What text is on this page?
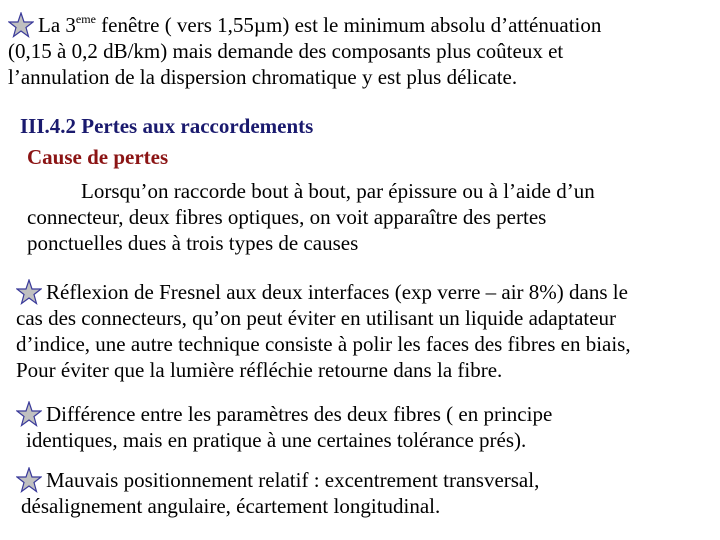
La 3eme fenêtre ( vers 1,55µm) est le minimum absolu d’atténuation
(0,15 à 0,2 dB/km) mais demande des composants plus coûteux et
l’annulation de la dispersion chromatique y est plus délicate.
III.4.2 Pertes aux raccordements
Cause de pertes
Lorsqu’on raccorde bout à bout, par épissure ou à l’aide d’un
connecteur, deux fibres optiques, on voit apparaître des pertes
ponctuelles dues à trois types de causes
Réflexion de Fresnel aux deux interfaces (exp verre – air 8%) dans le
cas des connecteurs, qu’on peut éviter en utilisant un liquide adaptateur
d’indice, une autre technique consiste à polir les faces des fibres en biais,
Pour éviter que la lumière réfléchie retourne dans la fibre.
Différence entre les paramètres des deux fibres ( en principe
identiques, mais en pratique à une certaines tolérance prés).
Mauvais positionnement relatif : excentrement transversal,
désalignement angulaire, écartement longitudinal.
